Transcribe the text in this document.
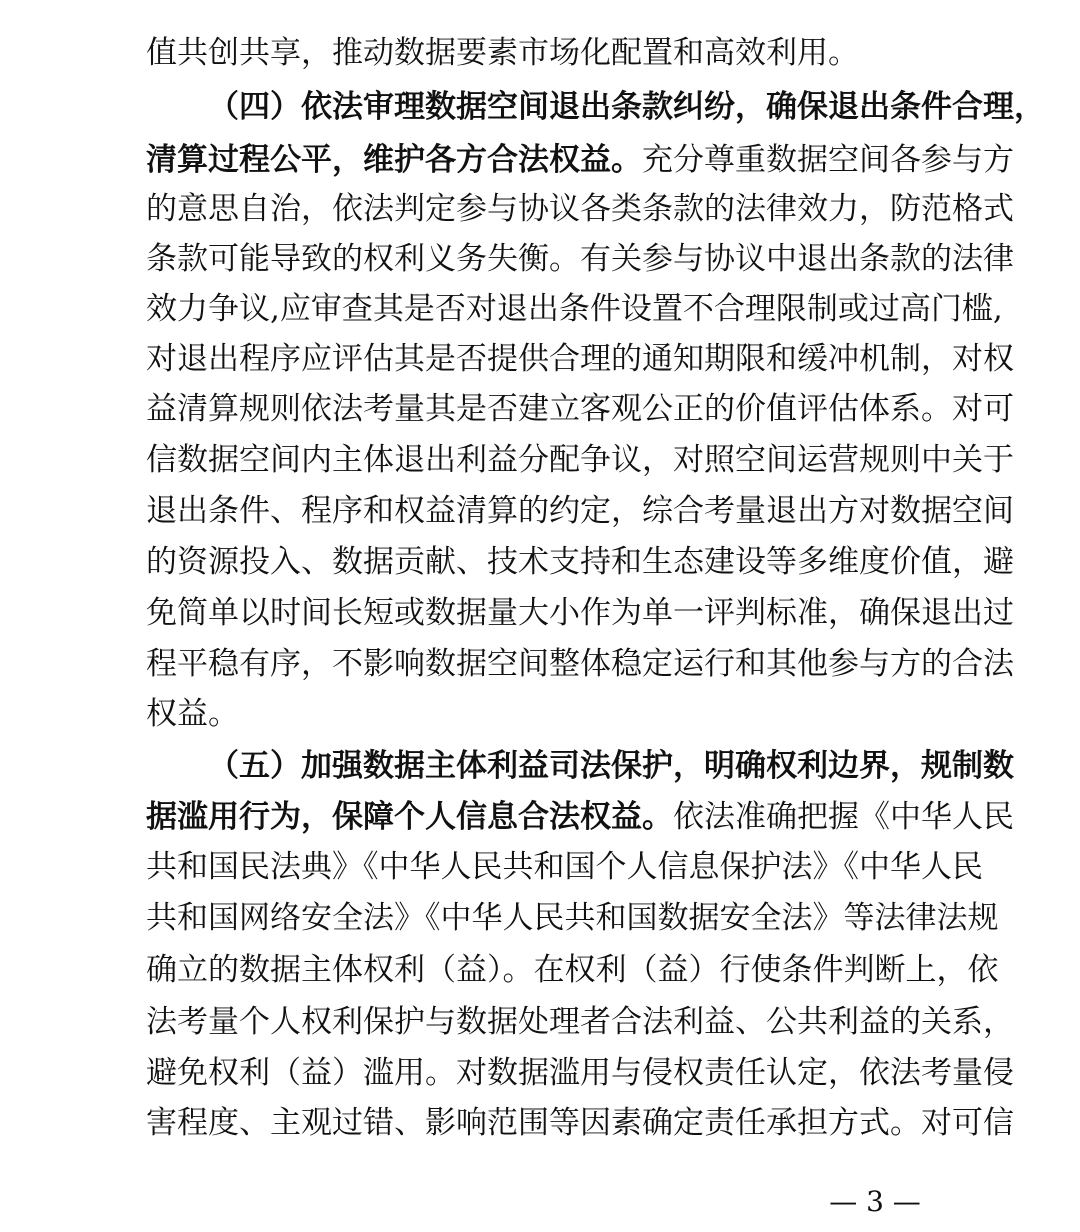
值共创共享，推动数据要素市场化配置和高效利用。
（四）依法审理数据空间退出条款纠纷，确保退出条件合理，
清算过程公平，维护各方合法权益。充分尊重数据空间各参与方
的意思自治，依法判定参与协议各类条款的法律效力，防范格式
条款可能导致的权利义务失衡。有关参与协议中退出条款的法律
效力争议,应审查其是否对退出条件设置不合理限制或过高门槛,
对退出程序应评估其是否提供合理的通知期限和缓冲机制，对权
益清算规则依法考量其是否建立客观公正的价值评估体系。对可
信数据空间内主体退出利益分配争议，对照空间运营规则中关于
退出条件、程序和权益清算的约定，综合考量退出方对数据空间
的资源投入、数据贡献、技术支持和生态建设等多维度价值，避
免简单以时间长短或数据量大小作为单一评判标准，确保退出过
程平稳有序，不影响数据空间整体稳定运行和其他参与方的合法
权益。
（五）加强数据主体利益司法保护，明确权利边界，规制数
据滥用行为，保障个人信息合法权益。依法准确把握《中华人民
共和国民法典》《中华人民共和国个人信息保护法》《中华人民
共和国网络安全法》《中华人民共和国数据安全法》等法律法规
确立的数据主体权利（益）。在权利（益）行使条件判断上，依
法考量个人权利保护与数据处理者合法利益、公共利益的关系，
避免权利（益）滥用。对数据滥用与侵权责任认定，依法考量侵
害程度、主观过错、影响范围等因素确定责任承担方式。对可信
— 3 —
